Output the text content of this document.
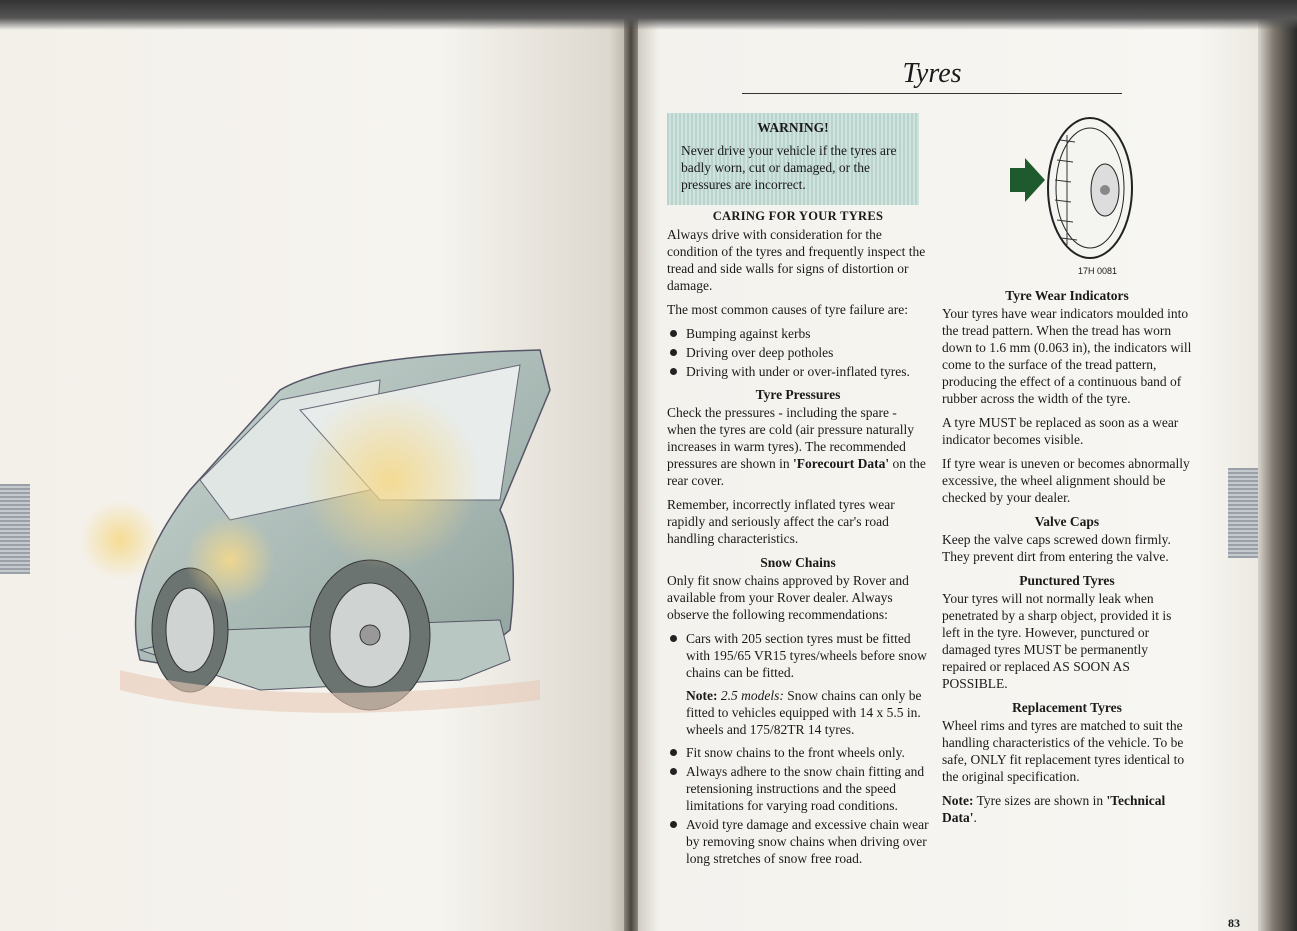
Tyres
WARNING!
Never drive your vehicle if the tyres are badly worn, cut or damaged, or the pressures are incorrect.
CARING FOR YOUR TYRES

Always drive with consideration for the condition of the tyres and frequently inspect the tread and side walls for signs of distortion or damage.

The most common causes of tyre failure are:

Bumping against kerbs
Driving over deep potholes
Driving with under or over-inflated tyres.
Tyre Pressures

Check the pressures - including the spare - when the tyres are cold (air pressure naturally increases in warm tyres). The recommended pressures are shown in 'Forecourt Data' on the rear cover.

Remember, incorrectly inflated tyres wear rapidly and seriously affect the car's road handling characteristics.

Snow Chains

Only fit snow chains approved by Rover and available from your Rover dealer. Always observe the following recommendations:

Cars with 205 section tyres must be fitted with 195/65 VR15 tyres/wheels before snow chains can be fitted.
Note: 2.5 models: Snow chains can only be fitted to vehicles equipped with 14 x 5.5 in. wheels and 175/82TR 14 tyres.
Fit snow chains to the front wheels only.
Always adhere to the snow chain fitting and retensioning instructions and the speed limitations for varying road conditions.
Avoid tyre damage and excessive chain wear by removing snow chains when driving over long stretches of snow free road.
17H 0081
Tyre Wear Indicators

Your tyres have wear indicators moulded into the tread pattern. When the tread has worn down to 1.6 mm (0.063 in), the indicators will come to the surface of the tread pattern, producing the effect of a continuous band of rubber across the width of the tyre.

A tyre MUST be replaced as soon as a wear indicator becomes visible.

If tyre wear is uneven or becomes abnormally excessive, the wheel alignment should be checked by your dealer.

Valve Caps

Keep the valve caps screwed down firmly. They prevent dirt from entering the valve.

Punctured Tyres

Your tyres will not normally leak when penetrated by a sharp object, provided it is left in the tyre. However, punctured or damaged tyres MUST be permanently repaired or replaced AS SOON AS POSSIBLE.

Replacement Tyres

Wheel rims and tyres are matched to suit the handling characteristics of the vehicle. To be safe, ONLY fit replacement tyres identical to the original specification.

Note: Tyre sizes are shown in 'Technical Data'.

83
